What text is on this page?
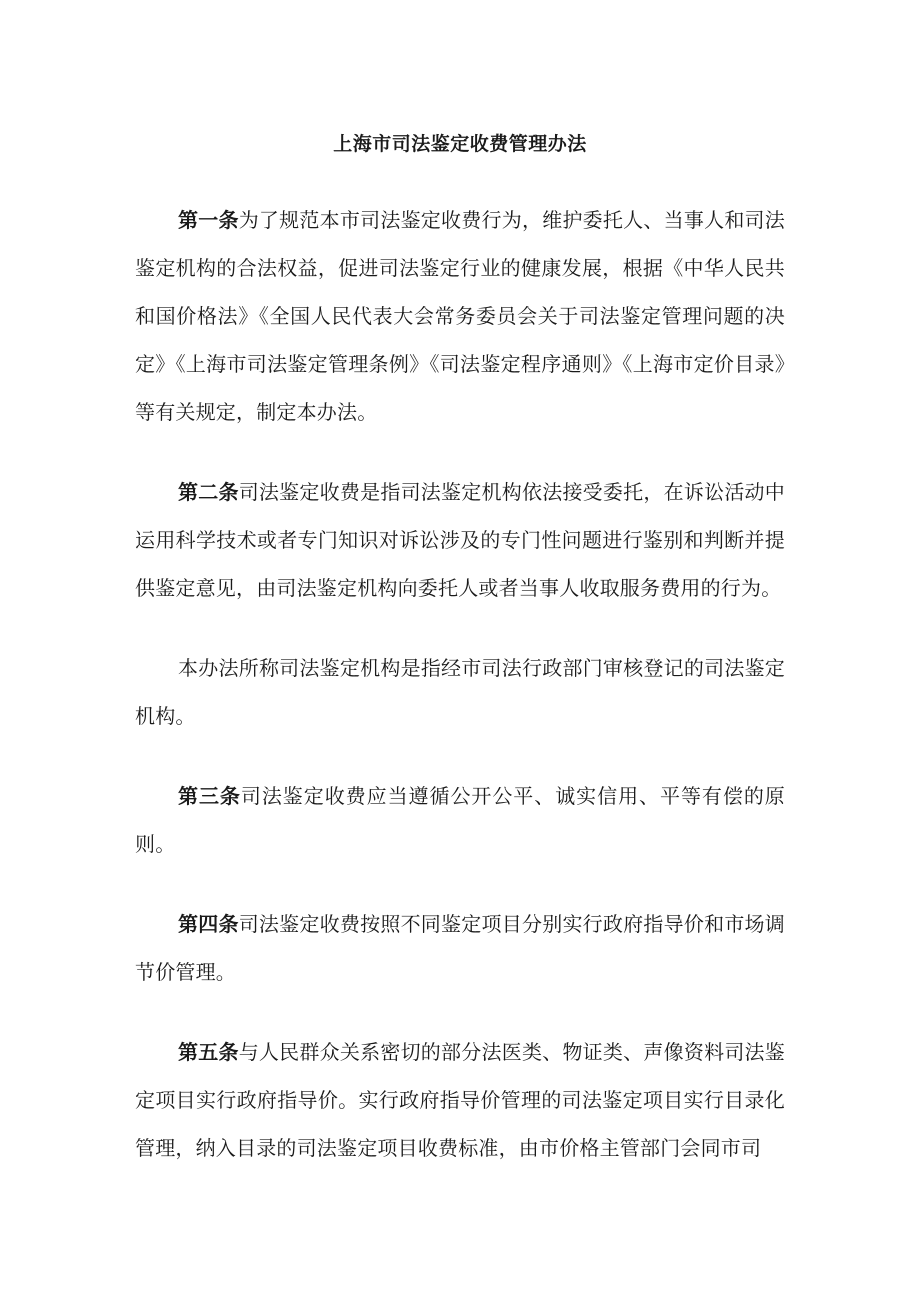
上海市司法鉴定收费管理办法

第一条为了规范本市司法鉴定收费行为，维护委托人、当事人和司法鉴定机构的合法权益，促进司法鉴定行业的健康发展，根据《中华人民共和国价格法》《全国人民代表大会常务委员会关于司法鉴定管理问题的决定》《上海市司法鉴定管理条例》《司法鉴定程序通则》《上海市定价目录》等有关规定，制定本办法。

第二条司法鉴定收费是指司法鉴定机构依法接受委托，在诉讼活动中运用科学技术或者专门知识对诉讼涉及的专门性问题进行鉴别和判断并提供鉴定意见，由司法鉴定机构向委托人或者当事人收取服务费用的行为。

本办法所称司法鉴定机构是指经市司法行政部门审核登记的司法鉴定机构。

第三条司法鉴定收费应当遵循公开公平、诚实信用、平等有偿的原则。

第四条司法鉴定收费按照不同鉴定项目分别实行政府指导价和市场调节价管理。

第五条与人民群众关系密切的部分法医类、物证类、声像资料司法鉴定项目实行政府指导价。实行政府指导价管理的司法鉴定项目实行目录化管理，纳入目录的司法鉴定项目收费标准，由市价格主管部门会同市司
